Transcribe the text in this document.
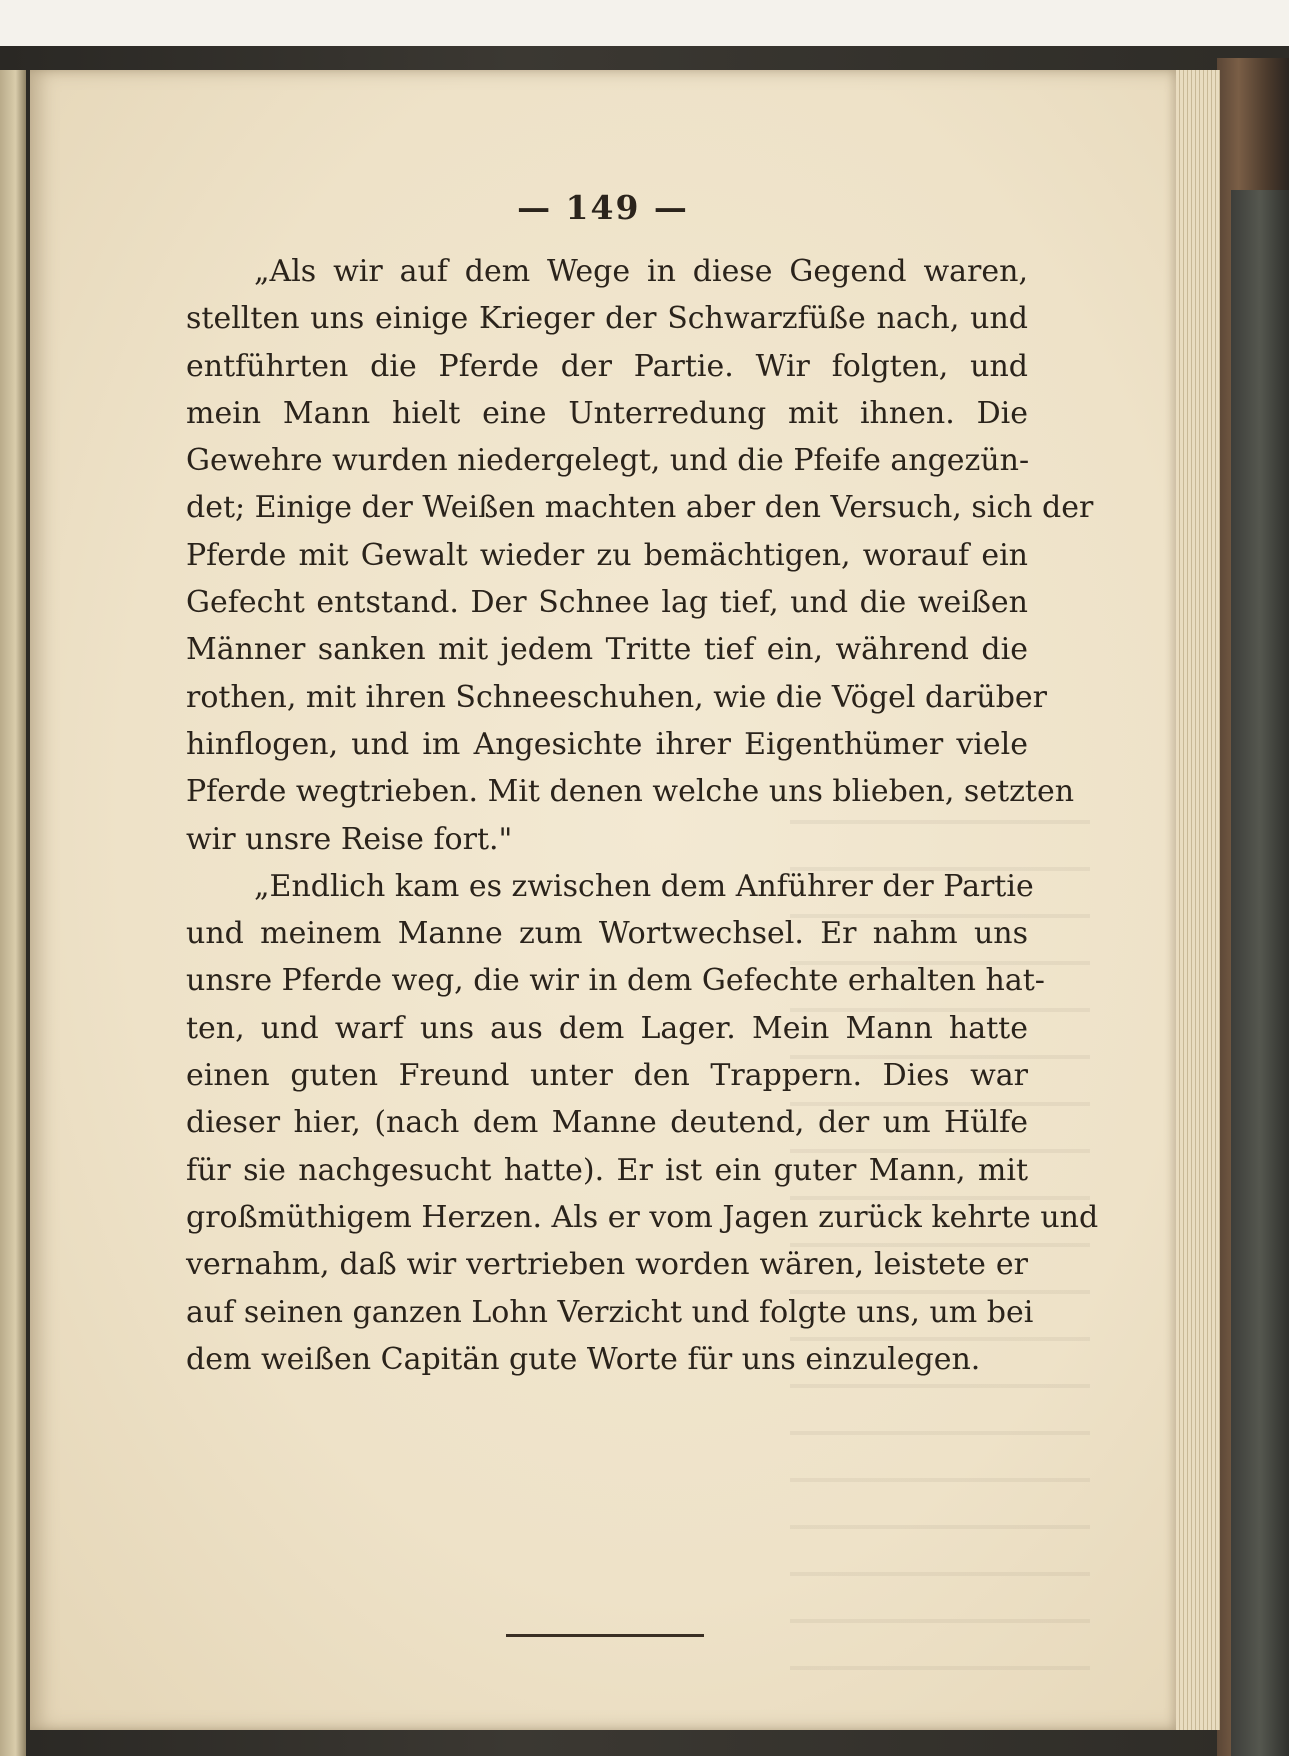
— 149 —
„Als wir auf dem Wege in diese Gegend waren,
stellten uns einige Krieger der Schwarzfüße nach, und
entführten die Pferde der Partie. Wir folgten, und
mein Mann hielt eine Unterredung mit ihnen. Die
Gewehre wurden niedergelegt, und die Pfeife angezün-
det; Einige der Weißen machten aber den Versuch, sich der
Pferde mit Gewalt wieder zu bemächtigen, worauf ein
Gefecht entstand. Der Schnee lag tief, und die weißen
Männer sanken mit jedem Tritte tief ein, während die
rothen, mit ihren Schneeschuhen, wie die Vögel darüber
hinflogen, und im Angesichte ihrer Eigenthümer viele
Pferde wegtrieben. Mit denen welche uns blieben, setzten
wir unsre Reise fort."
„Endlich kam es zwischen dem Anführer der Partie
und meinem Manne zum Wortwechsel. Er nahm uns
unsre Pferde weg, die wir in dem Gefechte erhalten hat-
ten, und warf uns aus dem Lager. Mein Mann hatte
einen guten Freund unter den Trappern. Dies war
dieser hier, (nach dem Manne deutend, der um Hülfe
für sie nachgesucht hatte). Er ist ein guter Mann, mit
großmüthigem Herzen. Als er vom Jagen zurück kehrte und
vernahm, daß wir vertrieben worden wären, leistete er
auf seinen ganzen Lohn Verzicht und folgte uns, um bei
dem weißen Capitän gute Worte für uns einzulegen.
